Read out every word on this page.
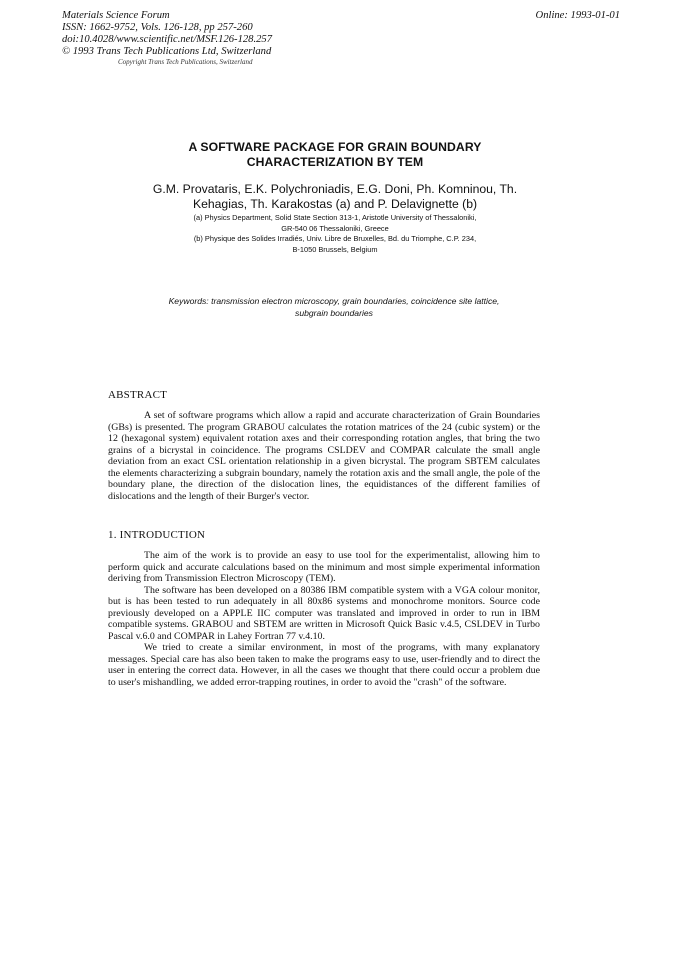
Materials Science Forum
ISSN: 1662-9752, Vols. 126-128, pp 257-260
doi:10.4028/www.scientific.net/MSF.126-128.257
© 1993 Trans Tech Publications Ltd, Switzerland
Online: 1993-01-01
Copyright Trans Tech Publications, Switzerland
A SOFTWARE PACKAGE FOR GRAIN BOUNDARY
CHARACTERIZATION BY TEM
G.M. Provataris, E.K. Polychroniadis, E.G. Doni, Ph. Komninou, Th.
Kehagias, Th. Karakostas (a) and P. Delavignette (b)
(a) Physics Department, Solid State Section 313-1, Aristotle University of Thessaloniki,
GR-540 06 Thessaloniki, Greece
(b) Physique des Solides Irradiés, Univ. Libre de Bruxelles, Bd. du Triomphe, C.P. 234,
B-1050 Brussels, Belgium
Keywords: transmission electron microscopy, grain boundaries, coincidence site lattice,
subgrain boundaries
ABSTRACT

A set of software programs which allow a rapid and accurate characterization of Grain Boundaries (GBs) is presented. The program GRABOU calculates the rotation matrices of the 24 (cubic system) or the 12 (hexagonal system) equivalent rotation axes and their corresponding rotation angles, that bring the two grains of a bicrystal in coincidence. The programs CSLDEV and COMPAR calculate the small angle deviation from an exact CSL orientation relationship in a given bicrystal. The program SBTEM calculates the elements characterizing a subgrain boundary, namely the rotation axis and the small angle, the pole of the boundary plane, the direction of the dislocation lines, the equidistances of the different families of dislocations and the length of their Burger's vector.

1. INTRODUCTION

The aim of the work is to provide an easy to use tool for the experimentalist, allowing him to perform quick and accurate calculations based on the minimum and most simple experimental information deriving from Transmission Electron Microscopy (TEM).

The software has been developed on a 80386 IBM compatible system with a VGA colour monitor, but is has been tested to run adequately in all 80x86 systems and monochrome monitors. Source code previously developed on a APPLE IIC computer was translated and improved in order to run in IBM compatible systems. GRABOU and SBTEM are written in Microsoft Quick Basic v.4.5, CSLDEV in Turbo Pascal v.6.0 and COMPAR in Lahey Fortran 77 v.4.10.

We tried to create a similar environment, in most of the programs, with many explanatory messages. Special care has also been taken to make the programs easy to use, user-friendly and to direct the user in entering the correct data. However, in all the cases we thought that there could occur a problem due to user's mishandling, we added error-trapping routines, in order to avoid the "crash" of the software.
